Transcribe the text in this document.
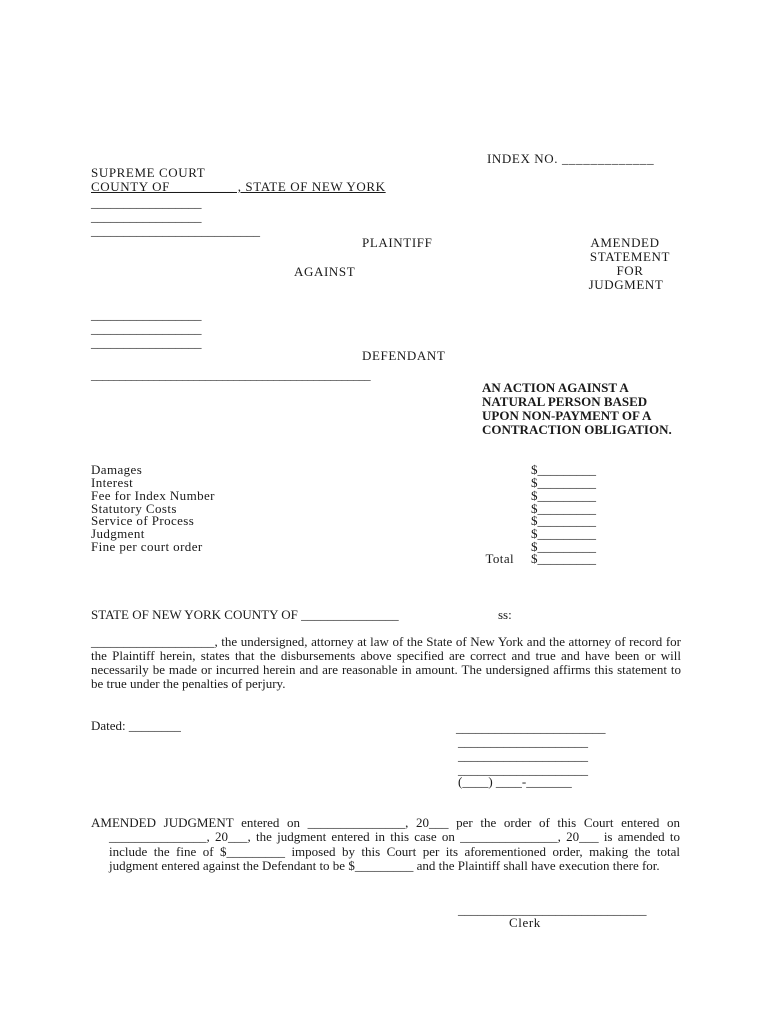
INDEX NO. _____________
SUPREME COURT
COUNTY OF_________ , STATE OF NEW YORK
_________________
_________________
__________________________
PLAINTIFF
AGAINST
AMENDED
STATEMENT
FOR
JUDGMENT
_________________
_________________
_________________
DEFENDANT
_________________________________________________
AN ACTION AGAINST A
NATURAL PERSON BASED
UPON NON-PAYMENT OF A
CONTRACTION OBLIGATION.
Damages	$_________
Interest	$_________
Fee for Index Number	$_________
Statutory Costs	$_________
Service of Process	$_________
Judgment	$_________
Fine per court order	$_________
Total $_________
STATE OF NEW YORK COUNTY OF _______________	ss:

___________________, the undersigned, attorney at law of the State of New York and the attorney of record for the Plaintiff herein, states that the disbursements above specified are correct and true and have been or will necessarily be made or incurred herein and are reasonable in amount. The undersigned affirms this statement to be true under the penalties of perjury.

Dated: ________	_______________________
____________________
____________________
____________________
(____) ____-_______
AMENDED JUDGMENT entered on _______________, 20___ per the order of this Court entered on _______________, 20___, the judgment entered in this case on _______________, 20___ is amended to include the fine of $_________ imposed by this Court per its aforementioned order, making the total judgment entered against the Defendant to be $_________ and the Plaintiff shall have execution there for.
_____________________________
Clerk
